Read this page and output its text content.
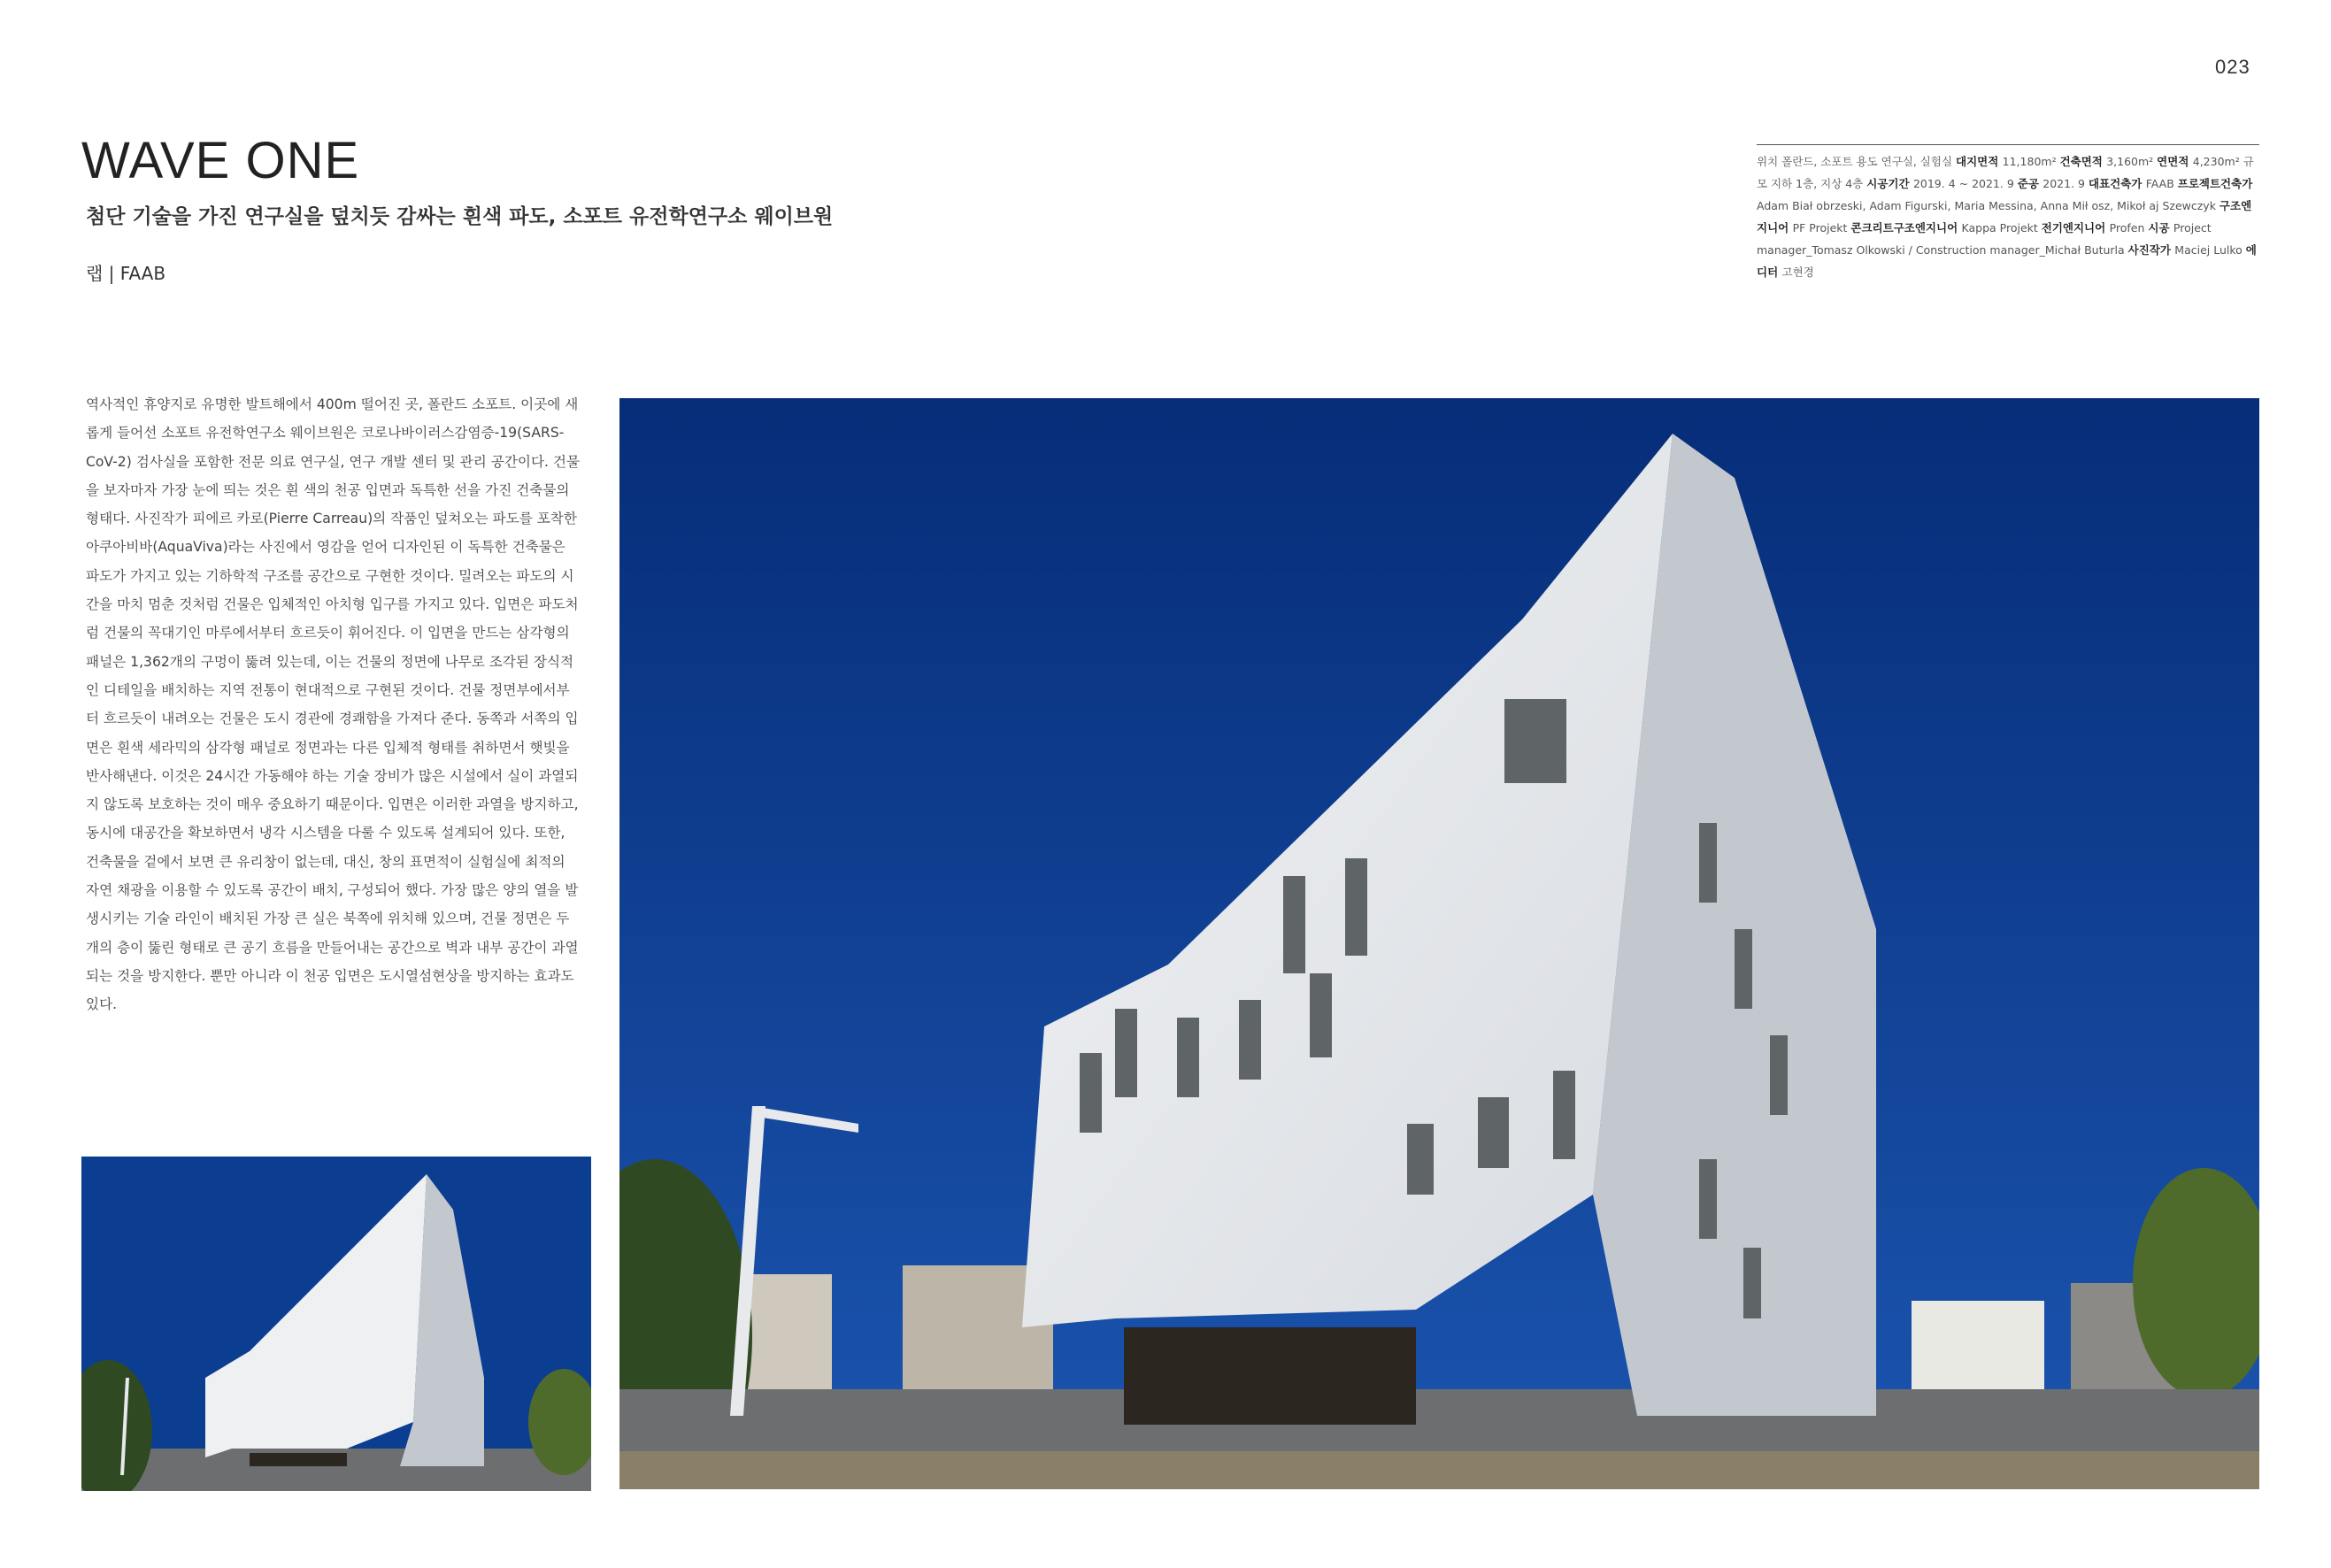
023
WAVE ONE
첨단 기술을 가진 연구실을 덮치듯 감싸는 흰색 파도, 소포트 유전학연구소 웨이브원
랩 | FAAB
위치 폴란드, 소포트 용도 연구실, 실험실 대지면적 11,180m² 건축면적 3,160m² 연면적 4,230m² 규모 지하 1층, 지상 4층 시공기간 2019. 4 ~ 2021. 9 준공 2021. 9 대표건축가 FAAB 프로젝트건축가 Adam Biał obrzeski, Adam Figurski, Maria Messina, Anna Mił osz, Mikoł aj Szewczyk 구조엔지니어 PF Projekt 콘크리트구조엔지니어 Kappa Projekt 전기엔지니어 Profen 시공 Project manager_Tomasz Olkowski / Construction manager_Michał Buturla 사진작가 Maciej Lulko 에디터 고현경

역사적인 휴양지로 유명한 발트해에서 400m 떨어진 곳, 폴란드 소포트. 이곳에 새롭게 들어선 소포트 유전학연구소 웨이브원은 코로나바이러스감염증-19(SARS-CoV-2) 검사실을 포함한 전문 의료 연구실, 연구 개발 센터 및 관리 공간이다. 건물을 보자마자 가장 눈에 띄는 것은 흰 색의 천공 입면과 독특한 선을 가진 건축물의 형태다. 사진작가 피에르 카로(Pierre Carreau)의 작품인 덮쳐오는 파도를 포착한 아쿠아비바(AquaViva)라는 사진에서 영감을 얻어 디자인된 이 독특한 건축물은 파도가 가지고 있는 기하학적 구조를 공간으로 구현한 것이다. 밀려오는 파도의 시간을 마치 멈춘 것처럼 건물은 입체적인 아치형 입구를 가지고 있다. 입면은 파도처럼 건물의 꼭대기인 마루에서부터 흐르듯이 휘어진다. 이 입면을 만드는 삼각형의 패널은 1,362개의 구멍이 뚫려 있는데, 이는 건물의 정면에 나무로 조각된 장식적인 디테일을 배치하는 지역 전통이 현대적으로 구현된 것이다. 건물 정면부에서부터 흐르듯이 내려오는 건물은 도시 경관에 경쾌함을 가져다 준다. 동쪽과 서쪽의 입면은 흰색 세라믹의 삼각형 패널로 정면과는 다른 입체적 형태를 취하면서 햇빛을 반사해낸다. 이것은 24시간 가동해야 하는 기술 장비가 많은 시설에서 실이 과열되지 않도록 보호하는 것이 매우 중요하기 때문이다. 입면은 이러한 과열을 방지하고, 동시에 대공간을 확보하면서 냉각 시스템을 다룰 수 있도록 설계되어 있다. 또한, 건축물을 겉에서 보면 큰 유리창이 없는데, 대신, 창의 표면적이 실험실에 최적의 자연 채광을 이용할 수 있도록 공간이 배치, 구성되어 했다. 가장 많은 양의 열을 발생시키는 기술 라인이 배치된 가장 큰 실은 북쪽에 위치해 있으며, 건물 정면은 두 개의 층이 뚫린 형태로 큰 공기 흐름을 만들어내는 공간으로 벽과 내부 공간이 과열되는 것을 방지한다. 뿐만 아니라 이 천공 입면은 도시열섬현상을 방지하는 효과도 있다.
